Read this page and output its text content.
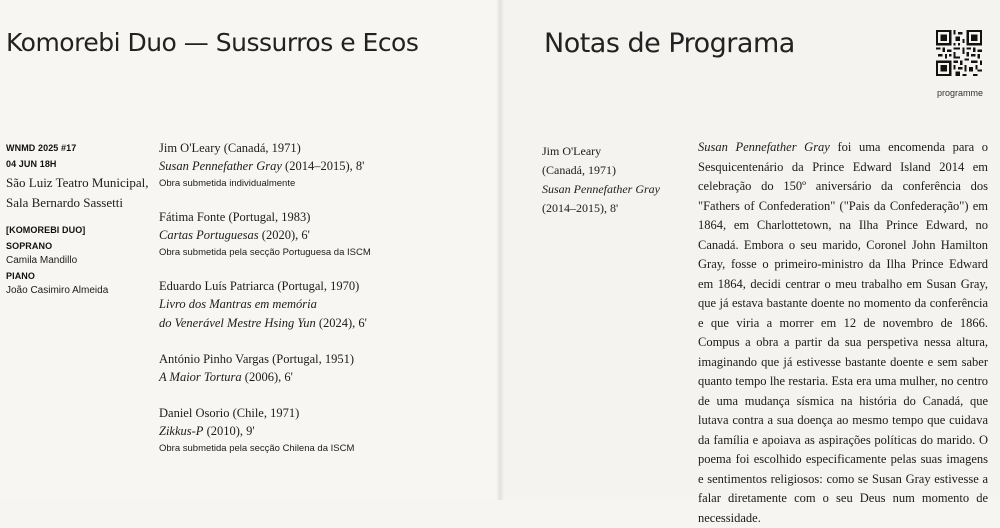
Komorebi Duo — Sussurros e Ecos
WNMD 2025 #17
04 JUN 18H
São Luiz Teatro Municipal,
Sala Bernardo Sassetti
[KOMOREBI DUO]
SOPRANO
Camila Mandillo
PIANO
João Casimiro Almeida
Jim O'Leary (Canadá, 1971)
Susan Pennefather Gray (2014–2015), 8'
Obra submetida individualmente
Fátima Fonte (Portugal, 1983)
Cartas Portuguesas (2020), 6'
Obra submetida pela secção Portuguesa da ISCM
Eduardo Luís Patriarca (Portugal, 1970)
Livro dos Mantras em memória
do Venerável Mestre Hsing Yun (2024), 6'
António Pinho Vargas (Portugal, 1951)
A Maior Tortura (2006), 6'
Daniel Osorio (Chile, 1971)
Zikkus-P (2010), 9'
Obra submetida pela secção Chilena da ISCM
Notas de Programa
programme
Jim O'Leary
(Canadá, 1971)
Susan Pennefather Gray
(2014–2015), 8'
Susan Pennefather Gray foi uma encomenda para o Sesquicentenário da Prince Edward Island 2014 em celebração do 150º aniversário da conferência dos "Fathers of Confederation" ("Pais da Confederação") em 1864, em Charlottetown, na Ilha Prince Edward, no Canadá. Embora o seu marido, Coronel John Hamilton Gray, fosse o primeiro-ministro da Ilha Prince Edward em 1864, decidi centrar o meu trabalho em Susan Gray, que já estava bastante doente no momento da conferência e que viria a morrer em 12 de novembro de 1866. Compus a obra a partir da sua perspetiva nessa altura, imaginando que já estivesse bastante doente e sem saber quanto tempo lhe restaria. Esta era uma mulher, no centro de uma mudança sísmica na história do Canadá, que lutava contra a sua doença ao mesmo tempo que cuidava da família e apoiava as aspirações políticas do marido. O poema foi escolhido especificamente pelas suas imagens e sentimentos religiosos: como se Susan Gray estivesse a falar diretamente com o seu Deus num momento de necessidade.
